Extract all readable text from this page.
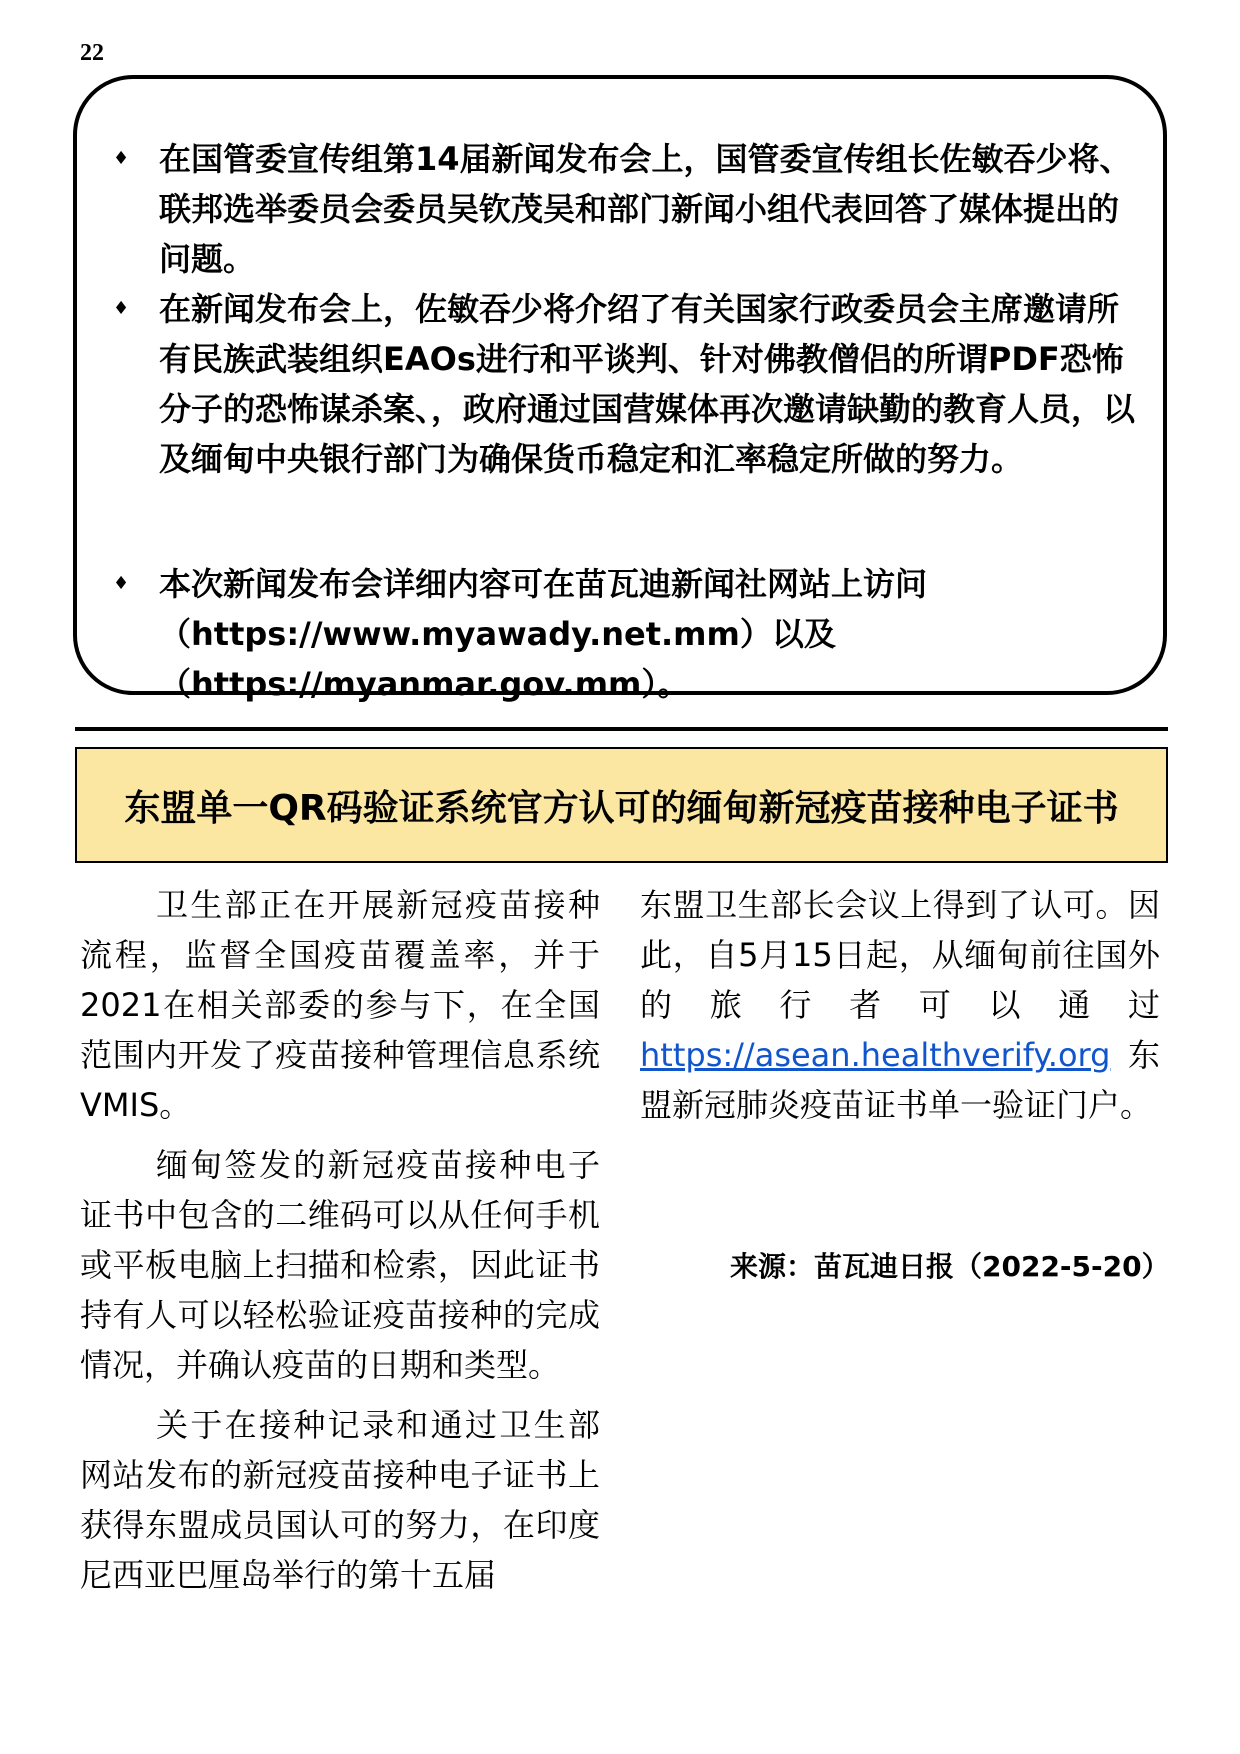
22

♦ 在国管委宣传组第14届新闻发布会上，国管委宣传组长佐敏吞少将、联邦选举委员会委员吴钦茂吴和部门新闻小组代表回答了媒体提出的问题。

♦ 在新闻发布会上，佐敏吞少将介绍了有关国家行政委员会主席邀请所有民族武装组织EAOs进行和平谈判、针对佛教僧侣的所谓PDF恐怖分子的恐怖谋杀案、，政府通过国营媒体再次邀请缺勤的教育人员，以及缅甸中央银行部门为确保货币稳定和汇率稳定所做的努力。

♦ 本次新闻发布会详细内容可在苗瓦迪新闻社网站上访问（https://www.myawady.net.mm）以及（https://myanmar.gov.mm）。

东盟单一QR码验证系统官方认可的缅甸新冠疫苗接种电子证书

卫生部正在开展新冠疫苗接种流程，监督全国疫苗覆盖率，并于2021在相关部委的参与下，在全国范围内开发了疫苗接种管理信息系统VMIS。

缅甸签发的新冠疫苗接种电子证书中包含的二维码可以从任何手机或平板电脑上扫描和检索，因此证书持有人可以轻松验证疫苗接种的完成情况，并确认疫苗的日期和类型。

关于在接种记录和通过卫生部网站发布的新冠疫苗接种电子证书上获得东盟成员国认可的努力，在印度尼西亚巴厘岛举行的第十五届

东盟卫生部长会议上得到了认可。因此，自5月15日起，从缅甸前往国外的旅行者可以通过https://asean.healthverify.org东盟新冠肺炎疫苗证书单一验证门户。

来源：苗瓦迪日报（2022-5-20）
